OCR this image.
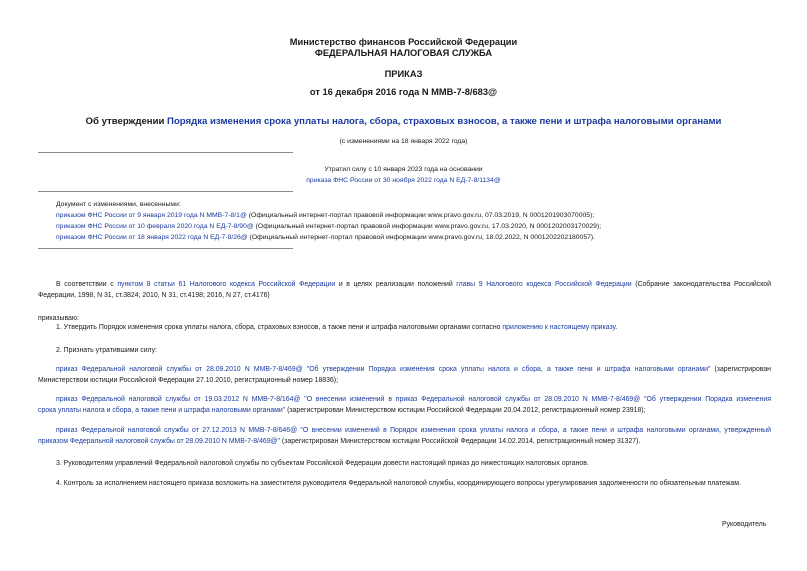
Министерство финансов Российской Федерации
ФЕДЕРАЛЬНАЯ НАЛОГОВАЯ СЛУЖБА
ПРИКАЗ
от 16 декабря 2016 года N ММВ-7-8/683@
Об утверждении Порядка изменения срока уплаты налога, сбора, страховых взносов, а также пени и штрафа налоговыми органами
(с изменениями на 18 января 2022 года)
Утратил силу с 10 января 2023 года на основании
приказа ФНС России от 30 ноября 2022 года N ЕД-7-8/1134@
Документ с изменениями, внесенными:
приказом ФНС России от 9 января 2019 года N ММВ-7-8/1@ (Официальный интернет-портал правовой информации www.pravo.gov.ru, 07.03.2019, N 0001201903070005);
приказом ФНС России от 10 февраля 2020 года N ЕД-7-8/90@ (Официальный интернет-портал правовой информации www.pravo.gov.ru, 17.03.2020, N 0001202003170029);
приказом ФНС России от 18 января 2022 года N ЕД-7-8/26@ (Официальный интернет-портал правовой информации www.pravo.gov.ru, 18.02.2022, N 0001202202180057).
В соответствии с пунктом 8 статьи 61 Налогового кодекса Российской Федерации и в целях реализации положений главы 9 Налогового кодекса Российской Федерации (Собрание законодательства Российской
Федерации, 1998, N 31, ст.3824; 2010, N 31, ст.4198; 2016, N 27, ст.4176)
приказываю:
1. Утвердить Порядок изменения срока уплаты налога, сбора, страховых взносов, а также пени и штрафа налоговыми органами согласно приложению к настоящему приказу.
2. Признать утратившими силу:
приказ Федеральной налоговой службы от 28.09.2010 N ММВ-7-8/469@ "Об утверждении Порядка изменения срока уплаты налога и сбора, а также пени и штрафа налоговыми органами" (зарегистрирован
Министерством юстиции Российской Федерации 27.10.2010, регистрационный номер 18836);
приказ Федеральной налоговой службы от 19.03.2012 N ММВ-7-8/164@ "О внесении изменений в приказ Федеральной налоговой службы от 28.09.2010 N ММВ-7-8/469@ "Об утверждении Порядка изменения
срока уплаты налога и сбора, а также пени и штрафа налоговыми органами" (зарегистрирован Министерством юстиции Российской Федерации 20.04.2012, регистрационный номер 23918);
приказ Федеральной налоговой службы от 27.12.2013 N ММВ-7-8/646@ "О внесении изменений в Порядок изменения срока уплаты налога и сбора, а также пени и штрафа налоговыми органами, утвержденный
приказом Федеральной налоговой службы от 28.09.2010 N ММВ-7-8/469@" (зарегистрирован Министерством юстиции Российской Федерации 14.02.2014, регистрационный номер 31327).
3. Руководителям управлений Федеральной налоговой службы по субъектам Российской Федерации довести настоящий приказ до нижестоящих налоговых органов.
4. Контроль за исполнением настоящего приказа возложить на заместителя руководителя Федеральной налоговой службы, координирующего вопросы урегулирования задолженности по обязательным платежам.
Руководитель
